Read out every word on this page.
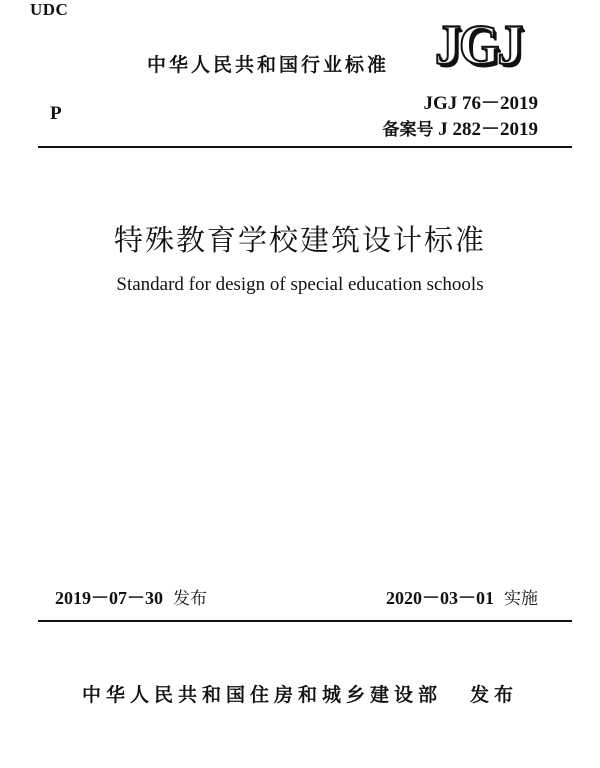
UDC
中华人民共和国行业标准 JGJ
P	JGJ 76－2019
备案号 J 282－2019
特殊教育学校建筑设计标准
Standard for design of special education schools
2019－07－30 发布	2020－03－01 实施
中华人民共和国住房和城乡建设部 发布
